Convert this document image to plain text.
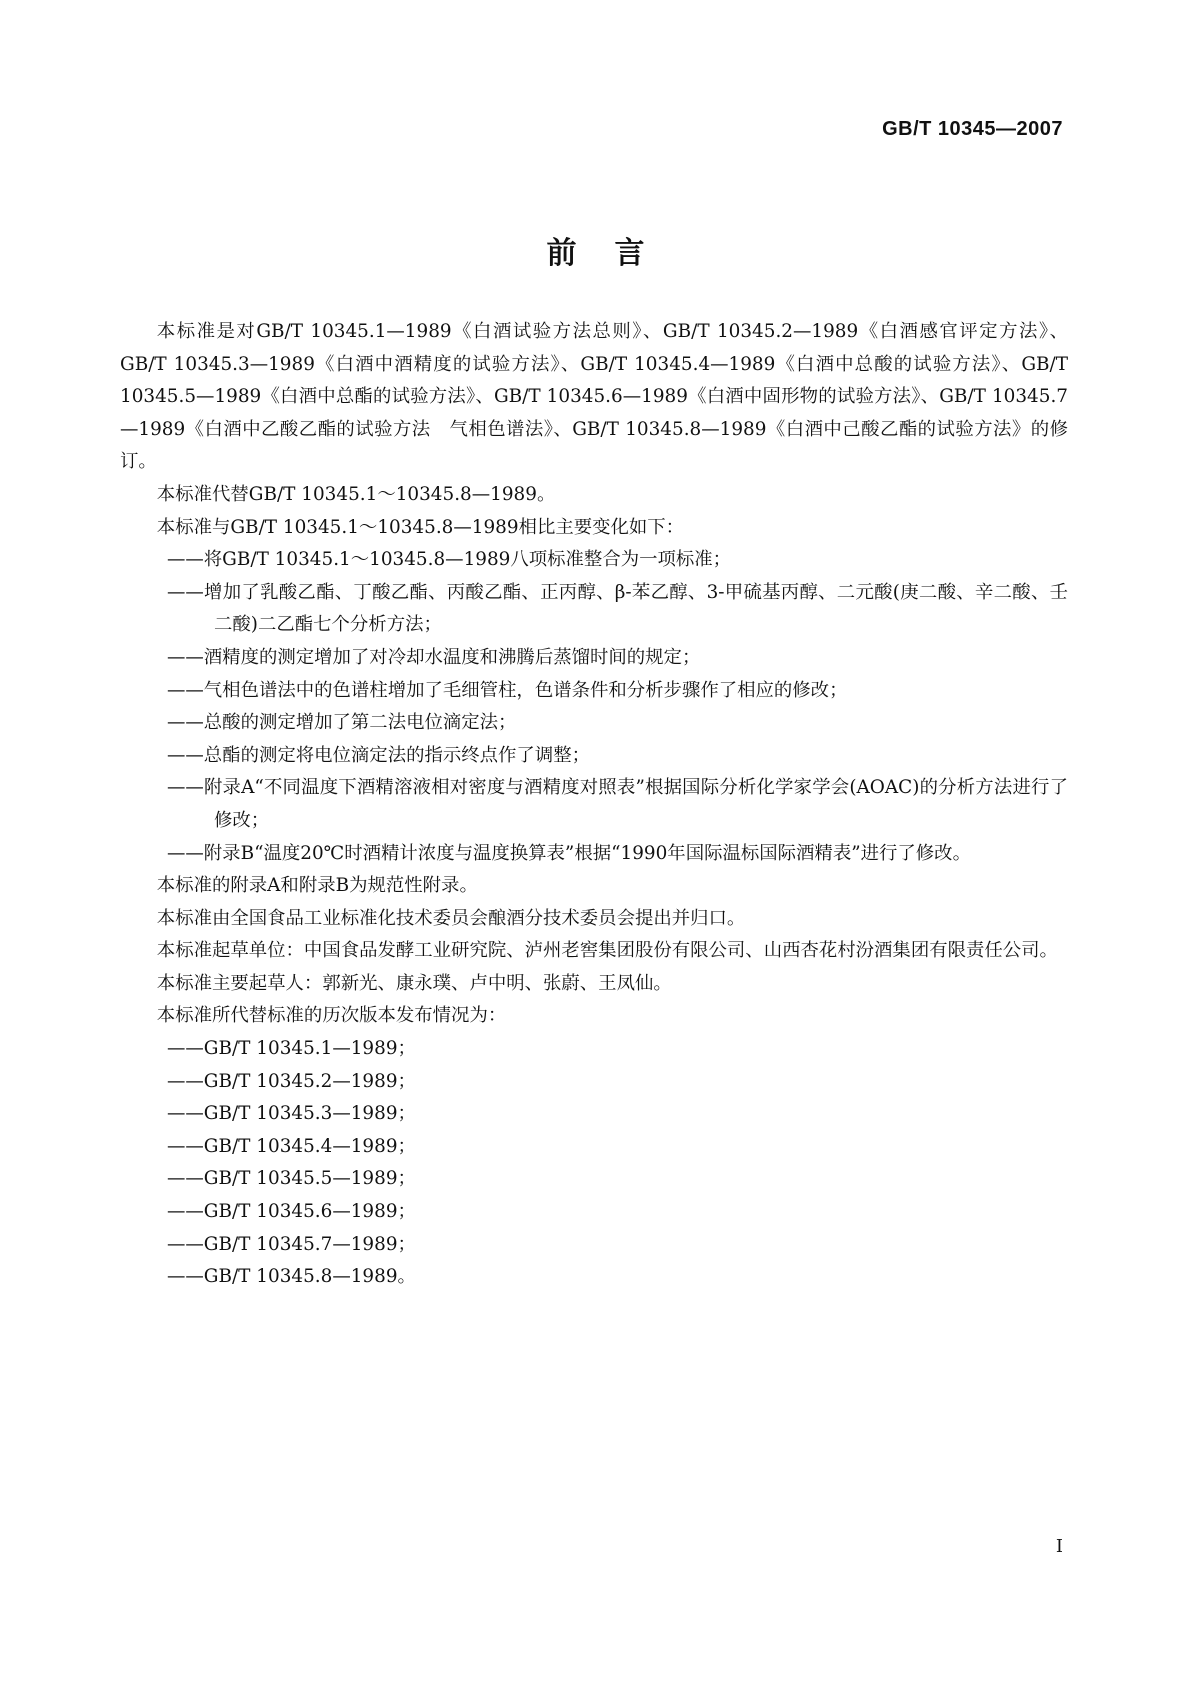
GB/T 10345—2007
前言

本标准是对GB/T 10345.1—1989《白酒试验方法总则》、GB/T 10345.2—1989《白酒感官评定方法》、GB/T 10345.3—1989《白酒中酒精度的试验方法》、GB/T 10345.4—1989《白酒中总酸的试验方法》、GB/T 10345.5—1989《白酒中总酯的试验方法》、GB/T 10345.6—1989《白酒中固形物的试验方法》、GB/T 10345.7—1989《白酒中乙酸乙酯的试验方法　气相色谱法》、GB/T 10345.8—1989《白酒中己酸乙酯的试验方法》的修订。

本标准代替GB/T 10345.1～10345.8—1989。

本标准与GB/T 10345.1～10345.8—1989相比主要变化如下：

——将GB/T 10345.1～10345.8—1989八项标准整合为一项标准；

——增加了乳酸乙酯、丁酸乙酯、丙酸乙酯、正丙醇、β-苯乙醇、3-甲硫基丙醇、二元酸(庚二酸、辛二酸、壬二酸)二乙酯七个分析方法；

——酒精度的测定增加了对冷却水温度和沸腾后蒸馏时间的规定；

——气相色谱法中的色谱柱增加了毛细管柱，色谱条件和分析步骤作了相应的修改；

——总酸的测定增加了第二法电位滴定法；

——总酯的测定将电位滴定法的指示终点作了调整；

——附录A“不同温度下酒精溶液相对密度与酒精度对照表”根据国际分析化学家学会(AOAC)的分析方法进行了修改；

——附录B“温度20℃时酒精计浓度与温度换算表”根据“1990年国际温标国际酒精表”进行了修改。

本标准的附录A和附录B为规范性附录。

本标准由全国食品工业标准化技术委员会酿酒分技术委员会提出并归口。

本标准起草单位：中国食品发酵工业研究院、泸州老窖集团股份有限公司、山西杏花村汾酒集团有限责任公司。

本标准主要起草人：郭新光、康永璞、卢中明、张蔚、王凤仙。

本标准所代替标准的历次版本发布情况为：

——GB/T 10345.1—1989；

——GB/T 10345.2—1989；

——GB/T 10345.3—1989；

——GB/T 10345.4—1989；

——GB/T 10345.5—1989；

——GB/T 10345.6—1989；

——GB/T 10345.7—1989；

——GB/T 10345.8—1989。

I
